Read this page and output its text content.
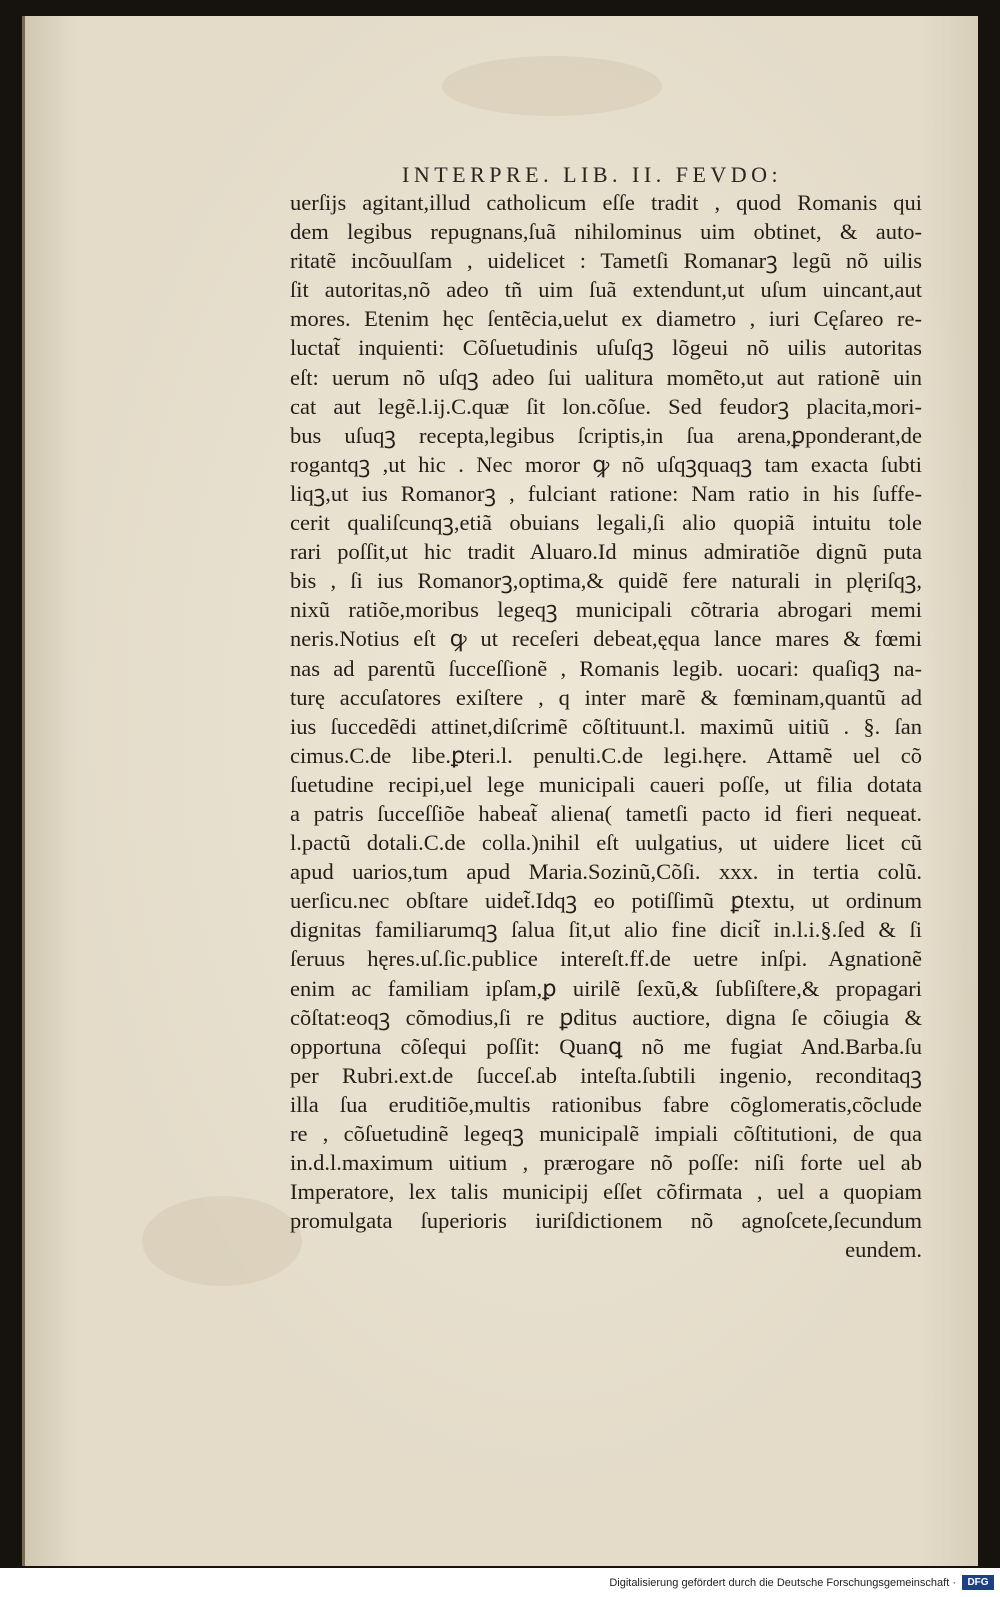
INTERPRE. LIB. II. FEVDO:
uerſijs agitant,illud catholicum eſſe tradit , quod Romanis qui
dem legibus repugnans,ſuã nihilominus uim obtinet, & auto-
ritatẽ incõuulſam , uidelicet : Tametſi Romanarꝫ legũ nõ uilis
ſit autoritas,nõ adeo tñ uim ſuã extendunt,ut uſum uincant,aut
mores. Etenim hęc ſentẽcia,uelut ex diametro , iuri Cęſareo re-
luctat̃ inquienti: Cõſuetudinis uſuſqꝫ lõgeui nõ uilis autoritas
eſt: uerum nõ uſqꝫ adeo ſui ualitura momẽto,ut aut rationẽ uin
cat aut legẽ.l.ij.C.quæ ſit lon.cõſue. Sed feudorꝫ placita,mori-
bus uſuqꝫ recepta,legibus ſcriptis,in ſua arena,ꝑponderant,de
rogantqꝫ ,ut hic . Nec moror ꝙ nõ uſqꝫquaqꝫ tam exacta ſubti
liqꝫ,ut ius Romanorꝫ , fulciant ratione: Nam ratio in his ſuffe-
cerit qualiſcunqꝫ,etiã obuians legali,ſi alio quopiã intuitu tole
rari poſſit,ut hic tradit Aluaro.Id minus admiratiõe dignũ puta
bis , ſi ius Romanorꝫ,optima,& quidẽ fere naturali in plęriſqꝫ,
nixũ ratiõe,moribus legeqꝫ municipali cõtraria abrogari memi
neris.Notius eſt ꝙ ut receſeri debeat,ęqua lance mares & fœmi
nas ad parentũ ſucceſſionẽ , Romanis legib. uocari: quaſiqꝫ na-
turę accuſatores exiſtere , q inter marẽ & fœminam,quantũ ad
ius ſuccedẽdi attinet,diſcrimẽ cõſtituunt.l. maximũ uitiũ . §. ſan
cimus.C.de libe.ꝑteri.l. penulti.C.de legi.hęre. Attamẽ uel cõ
ſuetudine recipi,uel lege municipali caueri poſſe, ut filia dotata
a patris ſucceſſiõe habeat̃ aliena( tametſi pacto id fieri nequeat.
l.pactũ dotali.C.de colla.)nihil eſt uulgatius, ut uidere licet cũ
apud uarios,tum apud Maria.Sozinũ,Cõſi. xxx. in tertia colũ.
uerſicu.nec obſtare uidet̃.Idqꝫ eo potiſſimũ ꝑtextu, ut ordinum
dignitas familiarumqꝫ ſalua ſit,ut alio fine dicit̃ in.l.i.§.ſed & ſi
ſeruus hęres.uſ.ſic.publice intereſt.ff.de uetre inſpi. Agnationẽ
enim ac familiam ipſam,ꝑ uirilẽ ſexũ,& ſubſiſtere,& propagari
cõſtat:eoqꝫ cõmodius,ſi re ꝑditus auctiore, digna ſe cõiugia &
opportuna cõſequi poſſit: Quanꝗ nõ me fugiat And.Barba.ſu
per Rubri.ext.de ſucceſ.ab inteſta.ſubtili ingenio, reconditaqꝫ
illa ſua eruditiõe,multis rationibus fabre cõglomeratis,cõclude
re , cõſuetudinẽ legeqꝫ municipalẽ impiali cõſtitutioni, de qua
in.d.l.maximum uitium , prærogare nõ poſſe: niſi forte uel ab
Imperatore, lex talis municipij eſſet cõfirmata , uel a quopiam
promulgata ſuperioris iuriſdictionem nõ agnoſcete,ſecundum
eundem.
Digitalisierung gefördert durch die Deutsche Forschungsgemeinschaft ·	DFG
